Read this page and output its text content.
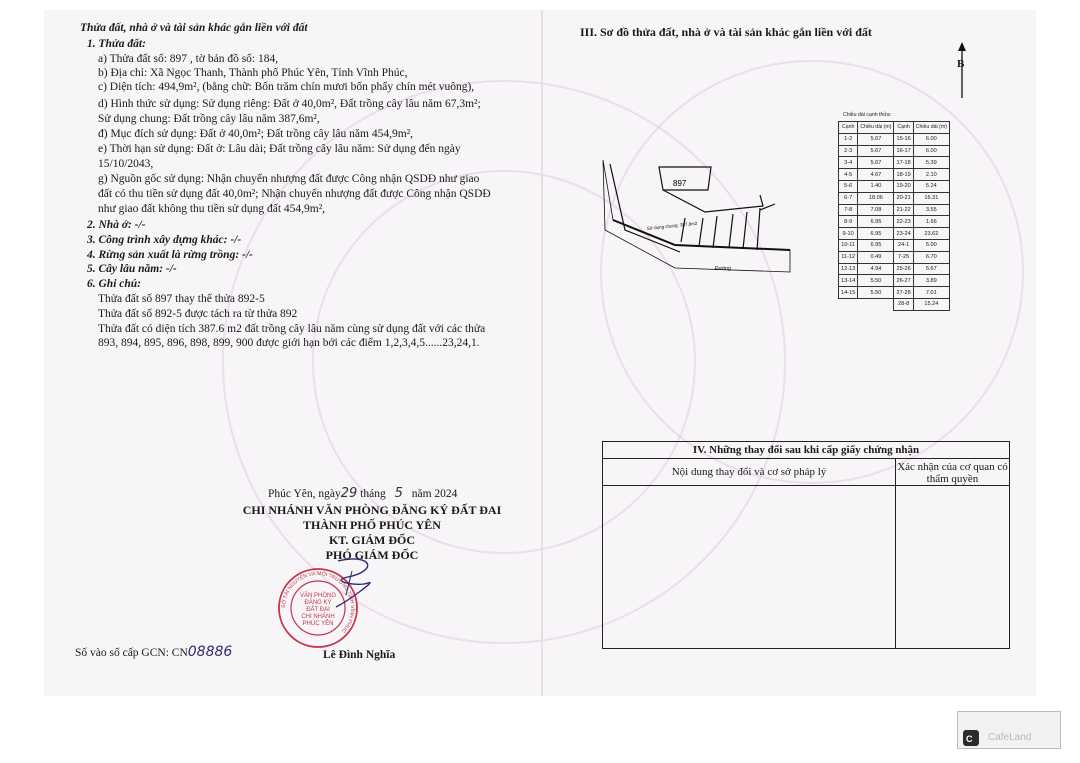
Thửa đất, nhà ở và tài sản khác gắn liền với đất
1. Thửa đất:
a) Thửa đất số: 897 , tờ bản đồ số: 184,
b) Địa chỉ: Xã Ngọc Thanh, Thành phố Phúc Yên, Tỉnh Vĩnh Phúc,
c) Diện tích: 494,9m², (bằng chữ: Bốn trăm chín mươi bốn phẩy chín mét vuông),
d) Hình thức sử dụng: Sử dụng riêng: Đất ở 40,0m², Đất trồng cây lâu năm 67,3m²;
Sử dụng chung: Đất trồng cây lâu năm 387,6m²,
đ) Mục đích sử dụng: Đất ở 40,0m²; Đất trồng cây lâu năm 454,9m²,
e) Thời hạn sử dụng: Đất ở: Lâu dài; Đất trồng cây lâu năm: Sử dụng đến ngày
15/10/2043,
g) Nguồn gốc sử dụng: Nhận chuyển nhượng đất được Công nhận QSDĐ như giao
đất có thu tiền sử dụng đất 40,0m²; Nhận chuyển nhượng đất được Công nhận QSDĐ
như giao đất không thu tiền sử dụng đất 454,9m²,
2. Nhà ở: -/-
3. Công trình xây dựng khác: -/-
4. Rừng sản xuất là rừng trồng: -/-
5. Cây lâu năm: -/-
6. Ghi chú:
Thửa đất số 897 thay thế thửa 892-5
Thửa đất số 892-5 được tách ra từ thửa 892
Thửa đất có diện tích 387.6 m2 đất trồng cây lâu năm cùng sử dụng đất với các thửa
893, 894, 895, 896, 898, 899, 900 được giới hạn bởi các điểm 1,2,3,4,5......23,24,1.
Phúc Yên, ngày29 tháng 5 năm 2024
CHI NHÁNH VĂN PHÒNG ĐĂNG KÝ ĐẤT ĐAI
THÀNH PHỐ PHÚC YÊN
KT. GIÁM ĐỐC
PHÓ GIÁM ĐỐC
SỞ TÀI NGUYÊN VÀ MÔI TRƯỜNG TỈNH VĨNH PHÚC
VĂN PHÒNG
ĐĂNG KÝ
ĐẤT ĐAI
CHI NHÁNH
PHÚC YÊN
Lê Đình Nghĩa
Số vào sổ cấp GCN: CN08886
III. Sơ đồ thửa đất, nhà ở và tài sản khác gắn liền với đất
B
897
Sử dụng chung: 387,6m2
Đường
Chiều dài cạnh thửa:
Cạnh	Chiều dài (m)	Cạnh	Chiều dài (m)
1-2	5.67	15-16	6.00
2-3	5.67	16-17	6.00
3-4	5.67	17-18	5.39
4-5	4.67	18-19	2.10
5-6	1.40	19-20	5.24
6-7	18.06	20-21	16.31
7-8	7.08	21-22	3.55
8-9	6.95	22-23	1.66
9-10	6.95	23-24	23.62
10-11	6.95	24-1	5.00
11-12	0.49	7-25	6.70
12-13	4.94	25-26	5.67
13-14	5.50	26-27	3.89
14-15	5.50	27-28	7.01
		28-8	15.24
IV. Những thay đổi sau khi cấp giấy chứng nhận
Nội dung thay đổi và cơ sở pháp lý	Xác nhận của cơ quan có thẩm quyền
C CafeLand
